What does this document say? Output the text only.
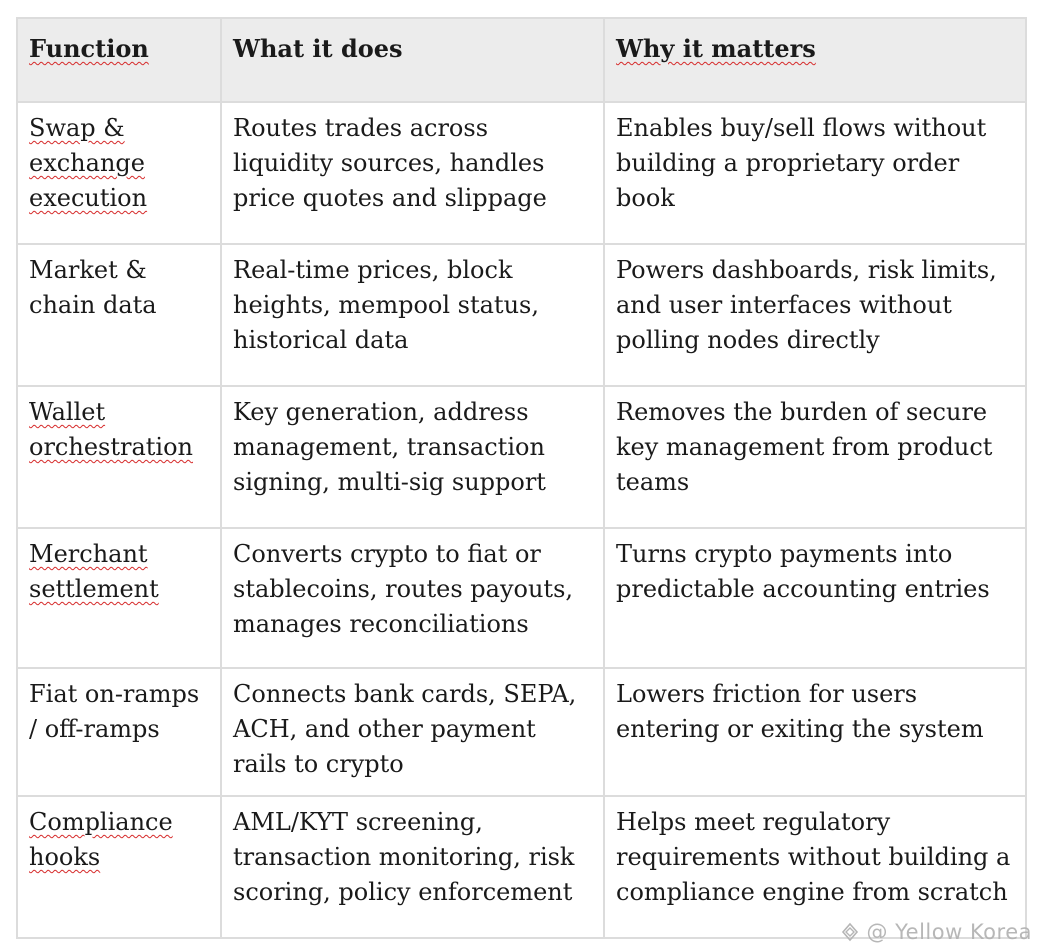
Function	What it does	Why it matters
Swap & exchange execution	Routes trades across liquidity sources, handles price quotes and slippage	Enables buy/sell flows without building a proprietary order book
Market & chain data	Real-time prices, block heights, mempool status, historical data	Powers dashboards, risk limits, and user interfaces without polling nodes directly
Wallet orchestration	Key generation, address management, transaction signing, multi-sig support	Removes the burden of secure key management from product teams
Merchant settlement	Converts crypto to fiat or stablecoins, routes payouts, manages reconciliations	Turns crypto payments into predictable accounting entries
Fiat on-ramps / off-ramps	Connects bank cards, SEPA, ACH, and other payment rails to crypto	Lowers friction for users entering or exiting the system
Compliance hooks	AML/KYT screening, transaction monitoring, risk scoring, policy enforcement	Helps meet regulatory requirements without building a compliance engine from scratch
@ Yellow Korea
